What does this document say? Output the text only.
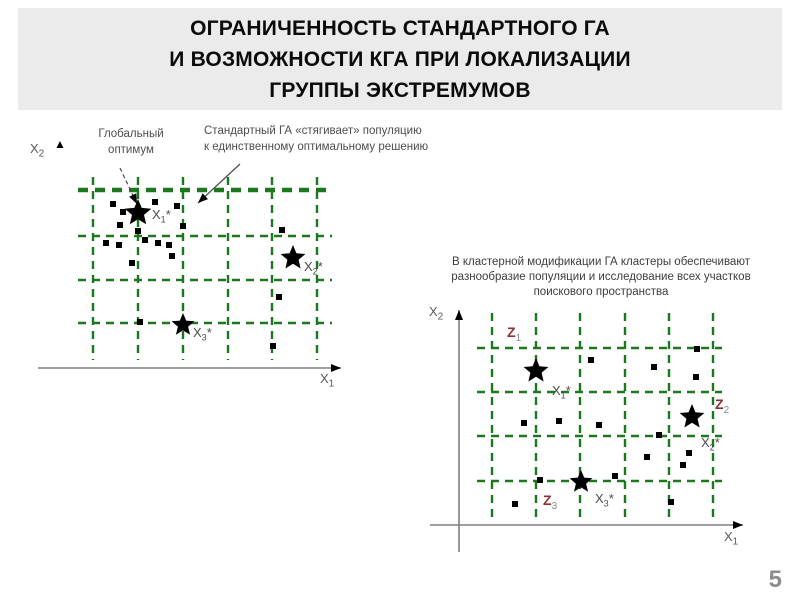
ОГРАНИЧЕННОСТЬ СТАНДАРТНОГО ГА
И ВОЗМОЖНОСТИ КГА ПРИ ЛОКАЛИЗАЦИИ
ГРУППЫ ЭКСТРЕМУМОВ
$X_2$
▲
Глобальный
оптимум
Стандартный ГА «стягивает» популяцию
к единственному оптимальному решению
$X_1*$
$X_2*$
$X_3*$
$X_1$
В кластерной модификации ГА кластеры обеспечивают
разнообразие популяции и исследование всех участков
поискового пространства
$X_2$
$Z_1$
$Z_2$
$Z_3$
$X_1*$
$X_2*$
$X_3*$
$X_1$
5
